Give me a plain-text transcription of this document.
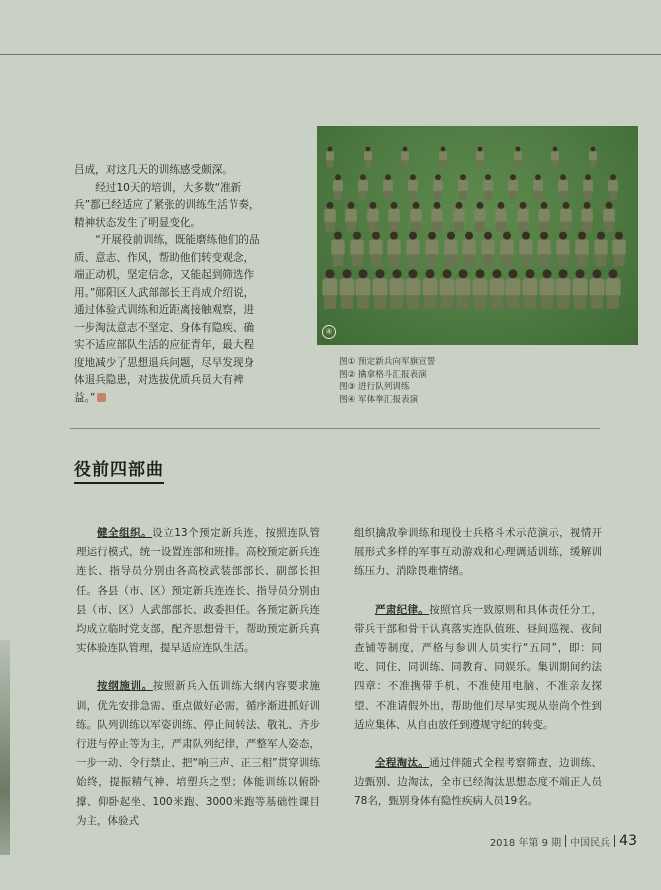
④

吕成，对这几天的训练感受颇深。

经过10天的培训，大多数“准新兵”都已经适应了紧张的训练生活节奏，精神状态发生了明显变化。

“开展役前训练，既能磨练他们的品质、意志、作风，帮助他们转变观念，端正动机，坚定信念，又能起到筛选作用。”郧阳区人武部部长王肖成介绍说，通过体验式训练和近距离接触观察，进一步淘汰意志不坚定、身体有隐疾、确实不适应部队生活的应征青年，最大程度地减少了思想退兵问题，尽早发现身体退兵隐患，对选拔优质兵员大有裨益。”

图① 预定新兵向军旗宣誓
图② 擒拿格斗汇报表演
图③ 进行队列训练
图④ 军体拳汇报表演
役前四部曲

健全组织。设立13个预定新兵连，按照连队管理运行模式，统一设置连部和班排。高校预定新兵连连长、指导员分别由各高校武装部部长、副部长担任。各县（市、区）预定新兵连连长、指导员分别由县（市、区）人武部部长、政委担任。各预定新兵连均成立临时党支部，配齐思想骨干，帮助预定新兵真实体验连队管理，提早适应连队生活。

按纲施训。按照新兵入伍训练大纲内容要求施训，优先安排急需、重点做好必需，循序渐进抓好训练。队列训练以军姿训练、停止间转法、敬礼、齐步行进与停止等为主，严肃队列纪律，严整军人姿态，一步一动、令行禁止，把“响三声、正三相”贯穿训练始终，提振精气神、培塑兵之型；体能训练以俯卧撑、仰卧起坐、100米跑、3000米跑等基础性课目为主，体验式

组织擒敌拳训练和现役士兵格斗术示范演示，视情开展形式多样的军事互动游戏和心理调适训练，缓解训练压力、消除畏难情绪。

严肃纪律。按照官兵一致原则和具体责任分工，带兵干部和骨干认真落实连队值班、昼间巡视、夜间查铺等制度，严格与参训人员实行“五同”，即：同吃、同住、同训练、同教育、同娱乐。集训期间约法四章：不准携带手机、不准使用电脑、不准亲友探望、不准请假外出，帮助他们尽早实现从崇尚个性到适应集体、从自由放任到遵规守纪的转变。

全程淘汰。通过伴随式全程考察筛查，边训练、边甄别、边淘汰，全市已经淘汰思想态度不端正人员78名，甄别身体有隐性疾病人员19名。

2018 年第 9 期 中国民兵 43
